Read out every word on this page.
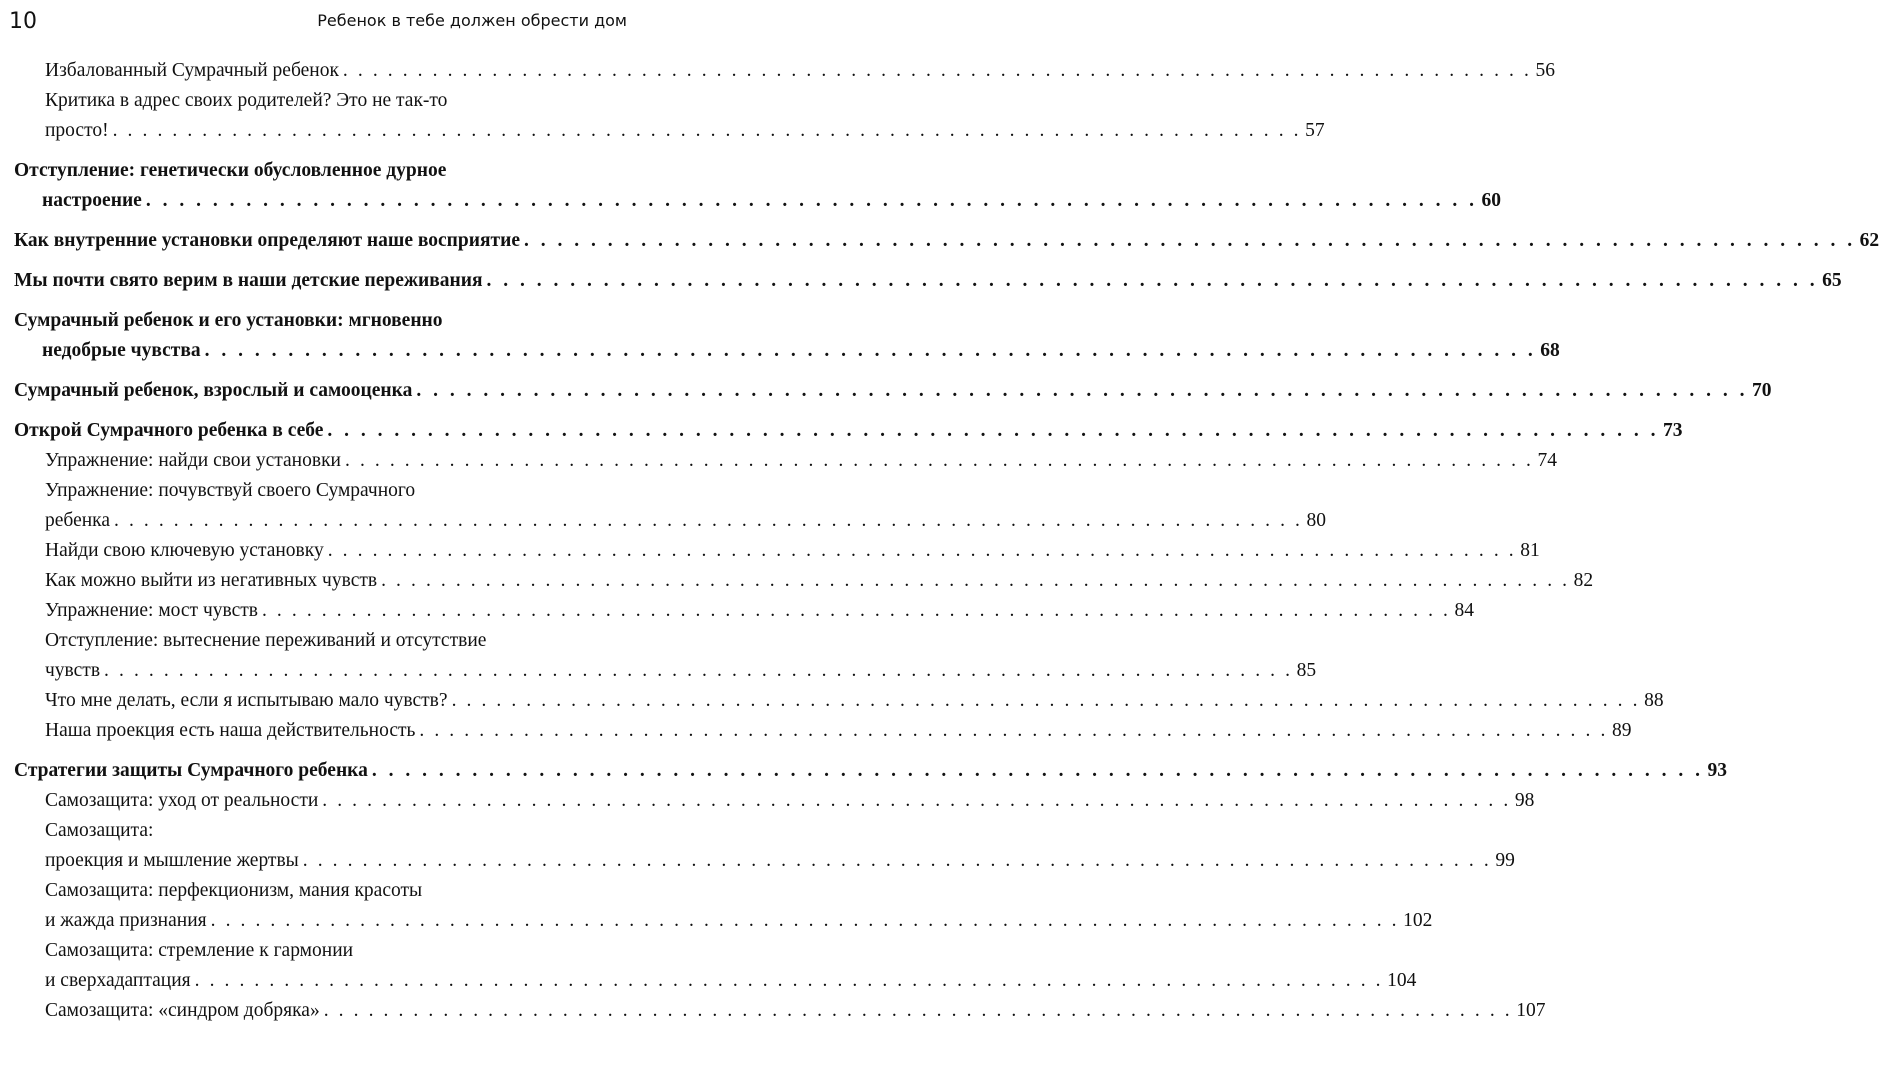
10	Ребенок в тебе должен обрести дом
Избалованный Сумрачный ребенок . . . . . . . . . . . . . . . . . . . . . . . . . . . . . . . . . . . . . . . . . . . . . . . . . . . . . . . . . . . . . . . . . . . . . . . . . . . . . . . . 56
Критика в адрес своих родителей? Это не так-то
просто! . . . . . . . . . . . . . . . . . . . . . . . . . . . . . . . . . . . . . . . . . . . . . . . . . . . . . . . . . . . . . . . . . . . . . . . . . . . . . . . . 57
Отступление: генетически обусловленное дурное
настроение . . . . . . . . . . . . . . . . . . . . . . . . . . . . . . . . . . . . . . . . . . . . . . . . . . . . . . . . . . . . . . . . . . . . . . . . . . . . . . . . 60
Как внутренние установки определяют наше восприятие . . . . . . . . . . . . . . . . . . . . . . . . . . . . . . . . . . . . . . . . . . . . . . . . . . . . . . . . . . . . . . . . . . . . . . . . . . . . . . . . 62
Мы почти свято верим в наши детские переживания . . . . . . . . . . . . . . . . . . . . . . . . . . . . . . . . . . . . . . . . . . . . . . . . . . . . . . . . . . . . . . . . . . . . . . . . . . . . . . . . 65
Сумрачный ребенок и его установки: мгновенно
недобрые чувства . . . . . . . . . . . . . . . . . . . . . . . . . . . . . . . . . . . . . . . . . . . . . . . . . . . . . . . . . . . . . . . . . . . . . . . . . . . . . . . . 68
Сумрачный ребенок, взрослый и самооценка . . . . . . . . . . . . . . . . . . . . . . . . . . . . . . . . . . . . . . . . . . . . . . . . . . . . . . . . . . . . . . . . . . . . . . . . . . . . . . . . 70
Открой Сумрачного ребенка в себе . . . . . . . . . . . . . . . . . . . . . . . . . . . . . . . . . . . . . . . . . . . . . . . . . . . . . . . . . . . . . . . . . . . . . . . . . . . . . . . . 73
Упражнение: найди свои установки . . . . . . . . . . . . . . . . . . . . . . . . . . . . . . . . . . . . . . . . . . . . . . . . . . . . . . . . . . . . . . . . . . . . . . . . . . . . . . . . 74
Упражнение: почувствуй своего Сумрачного
ребенка . . . . . . . . . . . . . . . . . . . . . . . . . . . . . . . . . . . . . . . . . . . . . . . . . . . . . . . . . . . . . . . . . . . . . . . . . . . . . . . . 80
Найди свою ключевую установку . . . . . . . . . . . . . . . . . . . . . . . . . . . . . . . . . . . . . . . . . . . . . . . . . . . . . . . . . . . . . . . . . . . . . . . . . . . . . . . . 81
Как можно выйти из негативных чувств . . . . . . . . . . . . . . . . . . . . . . . . . . . . . . . . . . . . . . . . . . . . . . . . . . . . . . . . . . . . . . . . . . . . . . . . . . . . . . . . 82
Упражнение: мост чувств . . . . . . . . . . . . . . . . . . . . . . . . . . . . . . . . . . . . . . . . . . . . . . . . . . . . . . . . . . . . . . . . . . . . . . . . . . . . . . . . 84
Отступление: вытеснение переживаний и отсутствие
чувств . . . . . . . . . . . . . . . . . . . . . . . . . . . . . . . . . . . . . . . . . . . . . . . . . . . . . . . . . . . . . . . . . . . . . . . . . . . . . . . . 85
Что мне делать, если я испытываю мало чувств? . . . . . . . . . . . . . . . . . . . . . . . . . . . . . . . . . . . . . . . . . . . . . . . . . . . . . . . . . . . . . . . . . . . . . . . . . . . . . . . . 88
Наша проекция есть наша действительность . . . . . . . . . . . . . . . . . . . . . . . . . . . . . . . . . . . . . . . . . . . . . . . . . . . . . . . . . . . . . . . . . . . . . . . . . . . . . . . . 89
Стратегии защиты Сумрачного ребенка . . . . . . . . . . . . . . . . . . . . . . . . . . . . . . . . . . . . . . . . . . . . . . . . . . . . . . . . . . . . . . . . . . . . . . . . . . . . . . . . 93
Самозащита: уход от реальности . . . . . . . . . . . . . . . . . . . . . . . . . . . . . . . . . . . . . . . . . . . . . . . . . . . . . . . . . . . . . . . . . . . . . . . . . . . . . . . . 98
Самозащита:
проекция и мышление жертвы . . . . . . . . . . . . . . . . . . . . . . . . . . . . . . . . . . . . . . . . . . . . . . . . . . . . . . . . . . . . . . . . . . . . . . . . . . . . . . . . 99
Самозащита: перфекционизм, мания красоты
и жажда признания . . . . . . . . . . . . . . . . . . . . . . . . . . . . . . . . . . . . . . . . . . . . . . . . . . . . . . . . . . . . . . . . . . . . . . . . . . . . . . . . 102
Самозащита: стремление к гармонии
и сверхадаптация . . . . . . . . . . . . . . . . . . . . . . . . . . . . . . . . . . . . . . . . . . . . . . . . . . . . . . . . . . . . . . . . . . . . . . . . . . . . . . . . 104
Самозащита: «синдром добряка» . . . . . . . . . . . . . . . . . . . . . . . . . . . . . . . . . . . . . . . . . . . . . . . . . . . . . . . . . . . . . . . . . . . . . . . . . . . . . . . . 107
